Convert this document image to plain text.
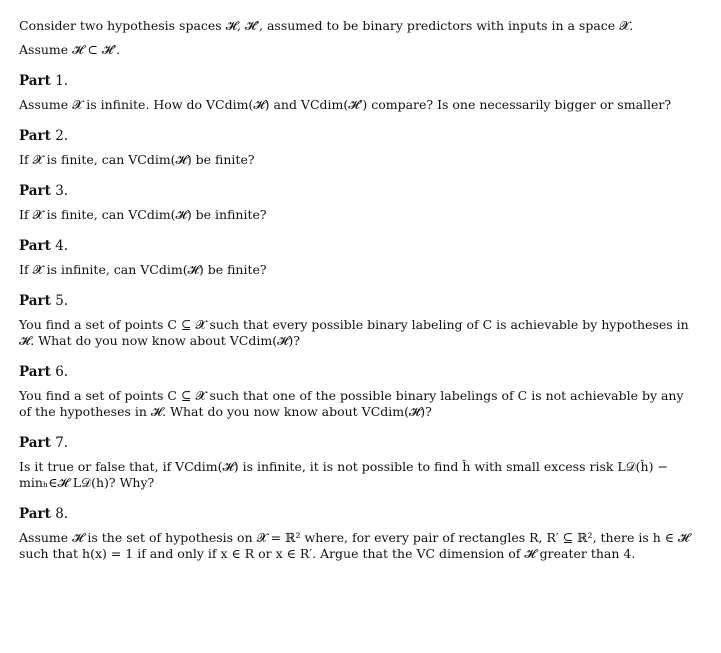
Consider two hypothesis spaces 𝓗, 𝓗′, assumed to be binary predictors with inputs in a space 𝓧.

Assume 𝓗 ⊂ 𝓗′.

Part 1.

Assume 𝓧 is infinite. How do VCdim(𝓗) and VCdim(𝓗′) compare? Is one necessarily bigger or smaller?

Part 2.

If 𝓧 is finite, can VCdim(𝓗) be finite?

Part 3.

If 𝓧 is finite, can VCdim(𝓗) be infinite?

Part 4.

If 𝓧 is infinite, can VCdim(𝓗) be finite?

Part 5.

You find a set of points C ⊆ 𝓧 such that every possible binary labeling of C is achievable by hypotheses in 𝓗. What do you now know about VCdim(𝓗)?

Part 6.

You find a set of points C ⊆ 𝓧 such that one of the possible binary labelings of C is not achievable by any of the hypotheses in 𝓗. What do you now know about VCdim(𝓗)?

Part 7.

Is it true or false that, if VCdim(𝓗) is infinite, it is not possible to find ĥ with small excess risk L𝒟(ĥ) − minₕ∈𝓗 L𝒟(h)? Why?

Part 8.

Assume 𝓗 is the set of hypothesis on 𝓧 = ℝ² where, for every pair of rectangles R, R′ ⊆ ℝ², there is h ∈ 𝓗 such that h(x) = 1 if and only if x ∈ R or x ∈ R′. Argue that the VC dimension of 𝓗 greater than 4.
